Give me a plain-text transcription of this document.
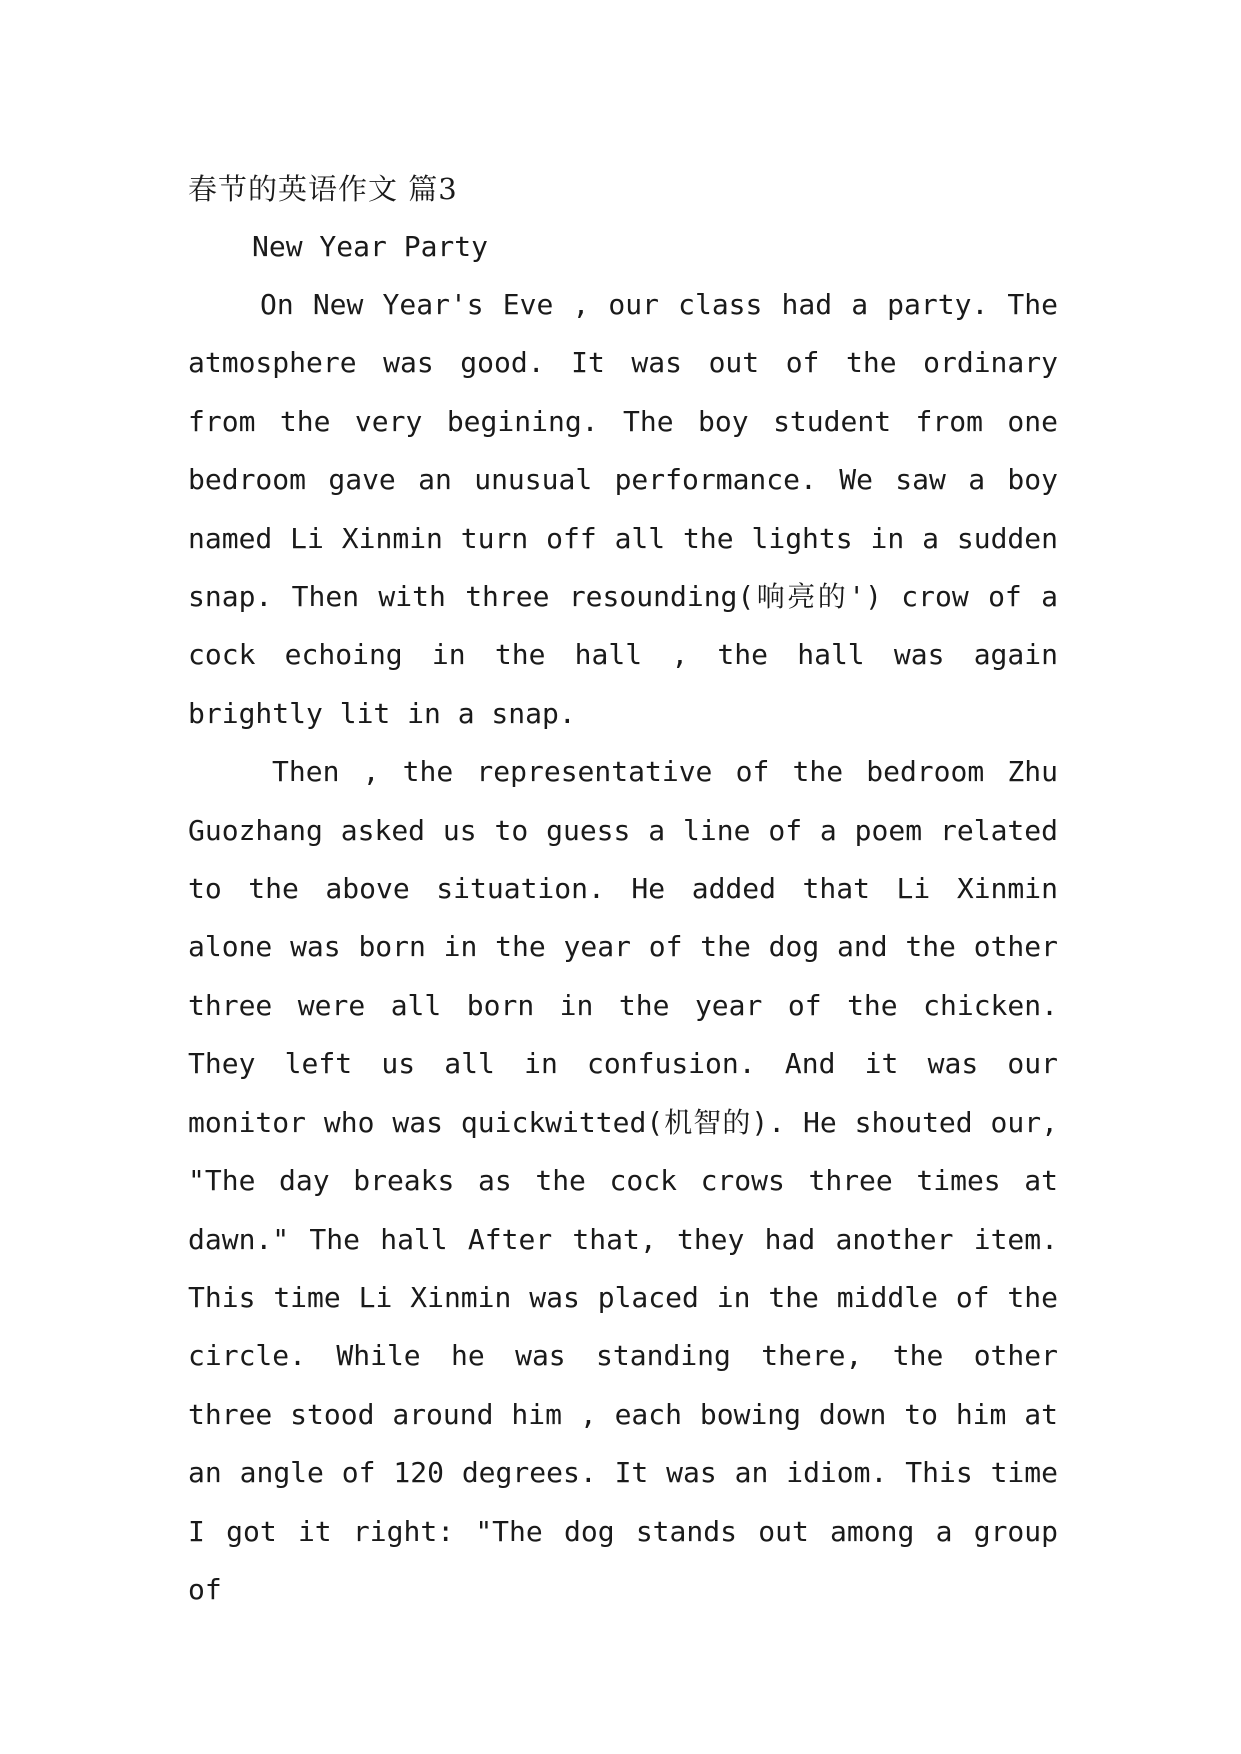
春节的英语作文 篇3

New Year Party

On New Year's Eve , our class had a party. The atmosphere was good. It was out of the ordinary from the very begining. The boy student from one bedroom gave an unusual performance. We saw a boy named Li Xinmin turn off all the lights in a sudden snap. Then with three resounding(响亮的') crow of a cock echoing in the hall , the hall was again brightly lit in a snap.

Then , the representative of the bedroom Zhu Guozhang asked us to guess a line of a poem related to the above situation. He added that Li Xinmin alone was born in the year of the dog and the other three were all born in the year of the chicken. They left us all in confusion. And it was our monitor who was quickwitted(机智的). He shouted our, "The day breaks as the cock crows three times at dawn." The hall After that, they had another item. This time Li Xinmin was placed in the middle of the circle. While he was standing there, the other three stood around him , each bowing down to him at an angle of 120 degrees. It was an idiom. This time I got it right: "The dog stands out among a group of
